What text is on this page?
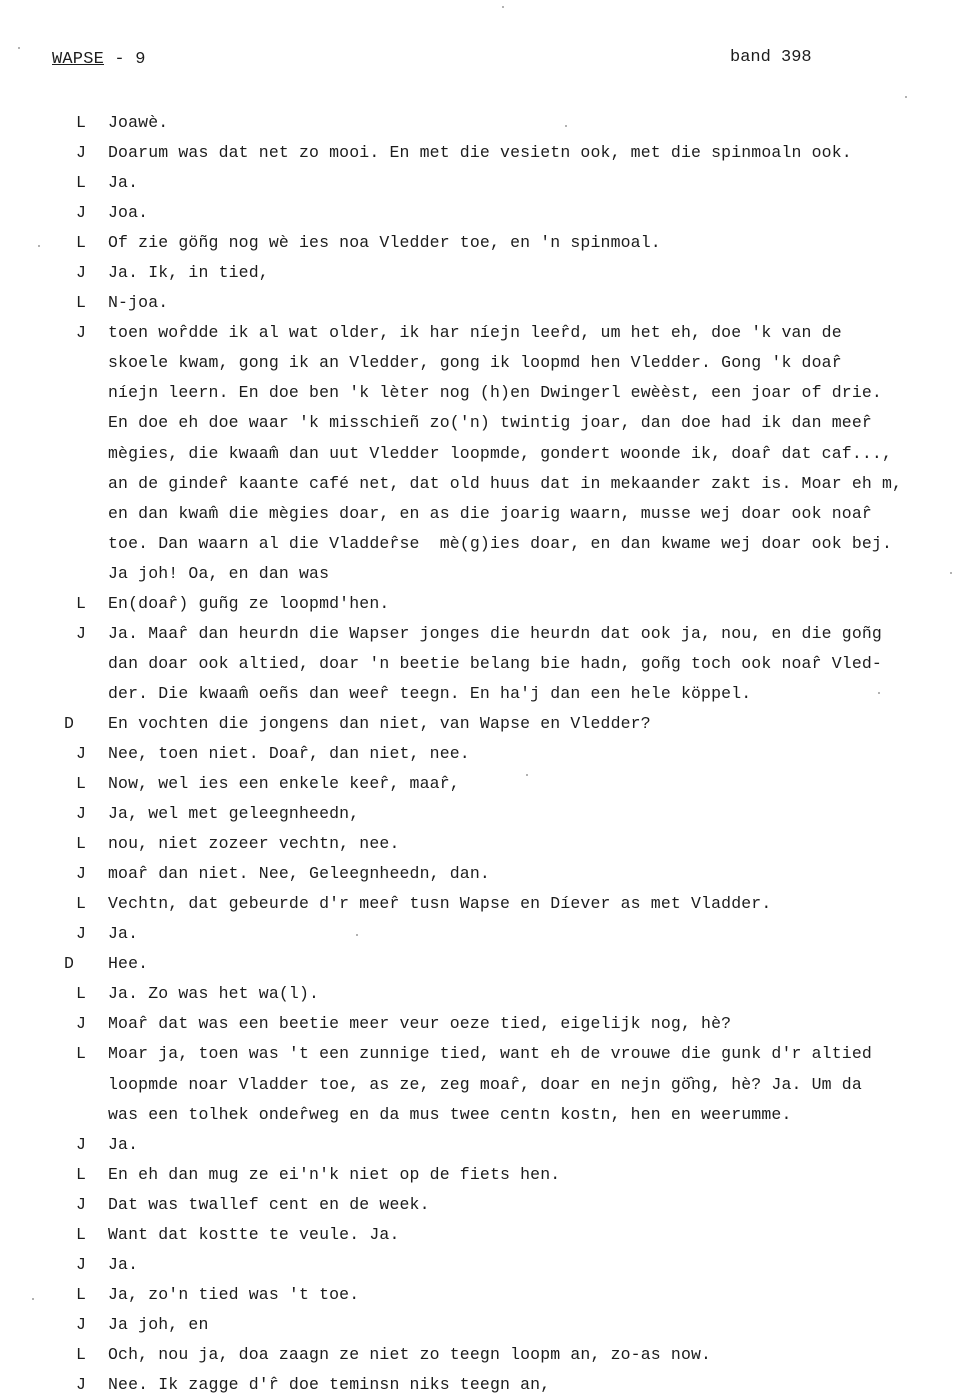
WAPSE - 9	band 398
L Joawè.
J Doarum was dat net zo mooi. En met die vesietn ook, met die spinmoaln ook.
L Ja.
J Joa.
L Of zie göñg nog wè ies noa Vledder toe, en 'n spinmoal.
J Ja. Ik, in tied,
L N-joa.
J toen wor̂dde ik al wat older, ik har níejn leer̂d, um het eh, doe 'k van de
skoele kwam, gong ik an Vledder, gong ik loopmd hen Vledder. Gong 'k doar̂
níejn leern. En doe ben 'k lèter nog (h)en Dwingerl ewèèst, een joar of drie.
En doe eh doe waar 'k misschieñ zo('n) twintig joar, dan doe had ik dan meer̂
mègies, die kwaam̂ dan uut Vledder loopmde, gondert woonde ik, doar̂ dat caf...,
an de ginder̂ kaante café net, dat old huus dat in mekaander zakt is. Moar eh m,
en dan kwam̂ die mègies doar, en as die joarig waarn, musse wej doar ook noar̂
toe. Dan waarn al die Vladder̂se  mè(g)ies doar, en dan kwame wej doar ook bej.
Ja joh! Oa, en dan was
L En(doar̂) guñg ze loopmd'hen.
J Ja. Maar̂ dan heurdn die Wapser jonges die heurdn dat ook ja, nou, en die goñg
dan doar ook altied, doar 'n beetie belang bie hadn, goñg toch ook noar̂ Vled-
der. Die kwaam̂ oeñs dan weer̂ teegn. En ha'j dan een hele köppel.
D En vochten die jongens dan niet, van Wapse en Vledder?
J Nee, toen niet. Doar̂, dan niet, nee.
L Now, wel ies een enkele keer̂, maar̂,
J Ja, wel met geleegnheedn,
L nou, niet zozeer vechtn, nee.
J moar̂ dan niet. Nee, Geleegnheedn, dan.
L Vechtn, dat gebeurde d'r meer̂ tusn Wapse en Díever as met Vladder.
J Ja.
D Hee.
L Ja. Zo was het wa(l).
J Moar̂ dat was een beetie meer veur oeze tied, eigelijk nog, hè?
L Moar ja, toen was 't een zunnige tied, want eh de vrouwe die gunk d'r altied
loopmde noar Vladder toe, as ze, zeg moar̂, doar en nejn gö̂ng, hè? Ja. Um da
was een tolhek onder̂weg en da mus twee centn kostn, hen en weerumme.
J Ja.
L En eh dan mug ze ei'n'k niet op de fiets hen.
J Dat was twallef cent en de week.
L Want dat kostte te veule. Ja.
J Ja.
L Ja, zo'n tied was 't toe.
J Ja joh, en
L Och, nou ja, doa zaagn ze niet zo teegn loopm an, zo-as now.
J Nee. Ik zagge d'r̂ doe teminsn niks teegn an,
